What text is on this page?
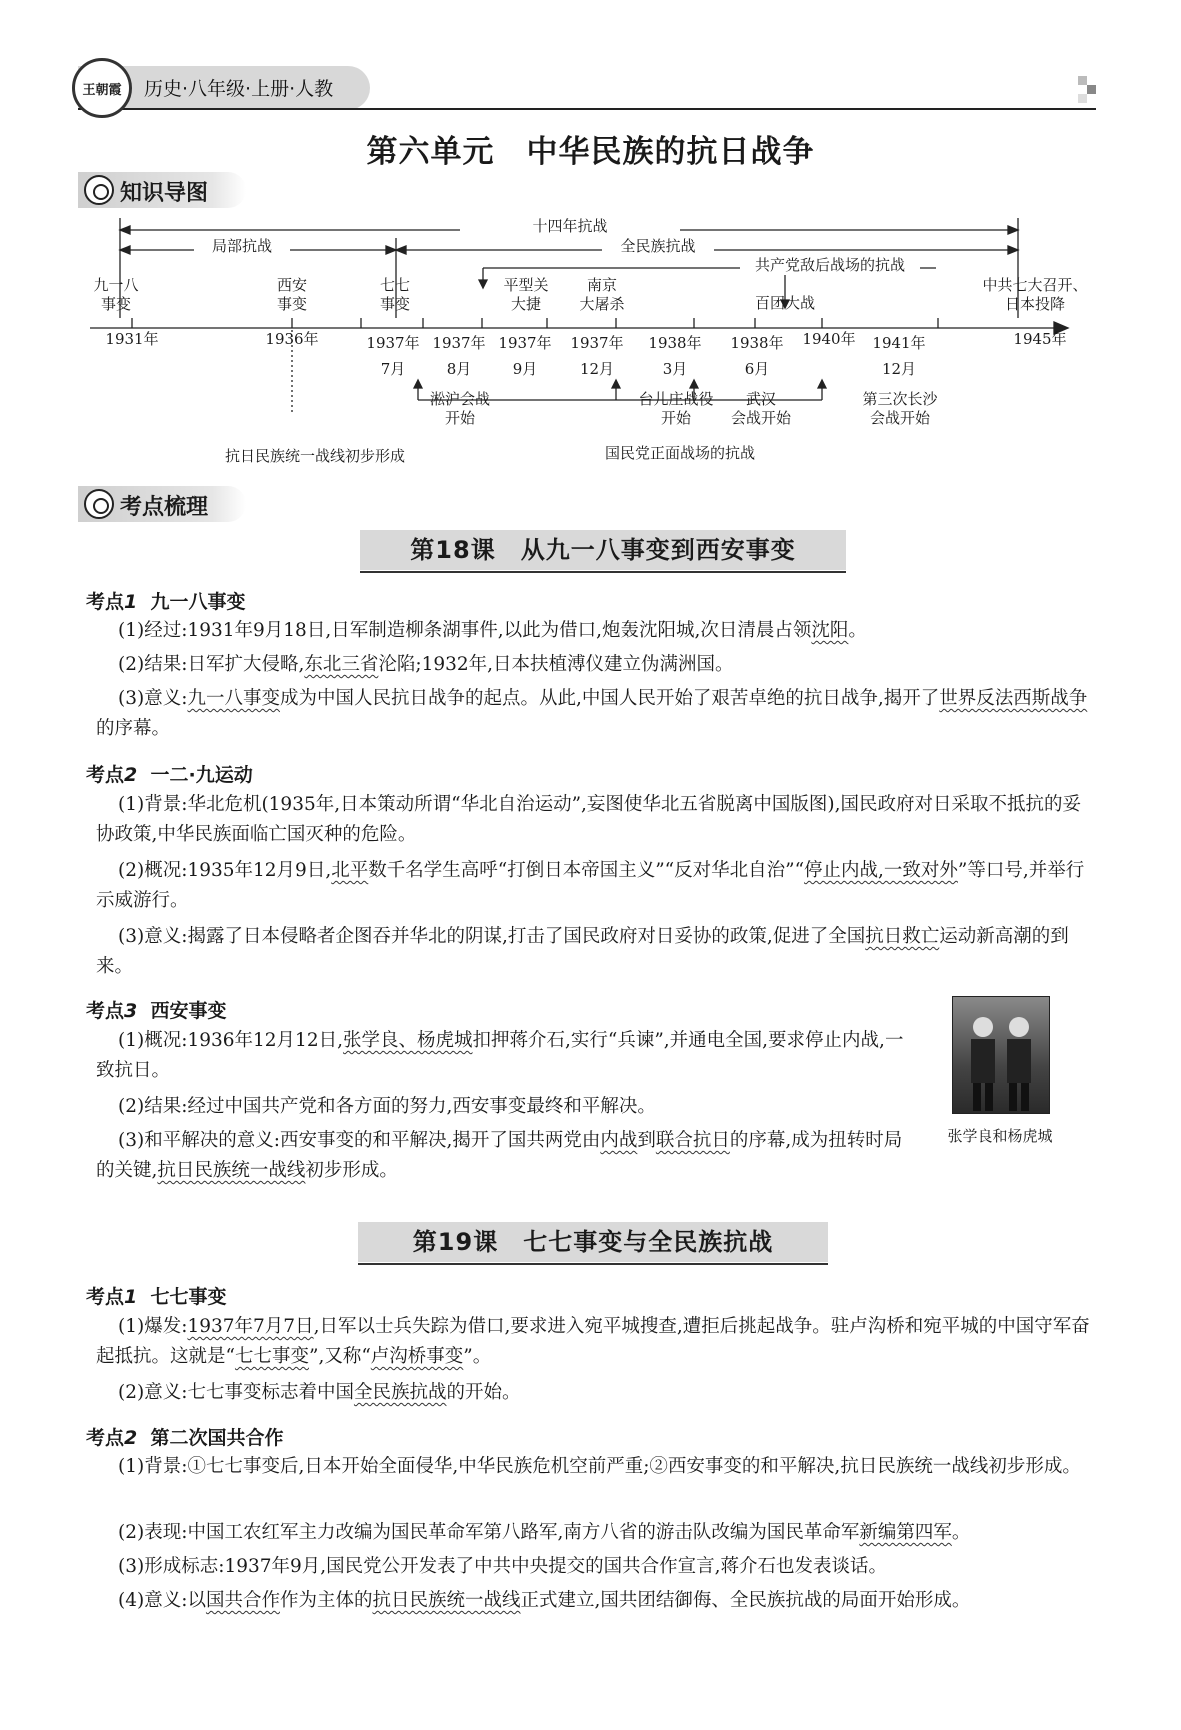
王朝霞 历史·八年级·上册·人教
第六单元　中华民族的抗日战争
知识导图
十四年抗战
局部抗战	全民族抗战
共产党敌后战场的抗战
九一八
事变
西安
事变
七七
事变
平型关
大捷
南京
大屠杀	百团大战
中共七大召开、
日本投降
1931年	1936年	1937年
7月
1937年
8月
1937年
9月
1937年
12月
1938年
3月
1938年
6月
1940年	1941年
12月
1945年
淞沪会战
开始
台儿庄战役
开始
武汉
会战开始
第三次长沙
会战开始
抗日民族统一战线初步形成	国民党正面战场的抗战
考点梳理
第18课　从九一八事变到西安事变
考点1 九一八事变
(1)经过:1931年9月18日,日军制造柳条湖事件,以此为借口,炮轰沈阳城,次日清晨占领沈阳。
(2)结果:日军扩大侵略,东北三省沦陷;1932年,日本扶植溥仪建立伪满洲国。
(3)意义:九一八事变成为中国人民抗日战争的起点。从此,中国人民开始了艰苦卓绝的抗日战争,揭开了世界反法西斯战争的序幕。
考点2 一二·九运动
(1)背景:华北危机(1935年,日本策动所谓“华北自治运动”,妄图使华北五省脱离中国版图),国民政府对日采取不抵抗的妥协政策,中华民族面临亡国灭种的危险。
(2)概况:1935年12月9日,北平数千名学生高呼“打倒日本帝国主义”“反对华北自治”“停止内战,一致对外”等口号,并举行示威游行。
(3)意义:揭露了日本侵略者企图吞并华北的阴谋,打击了国民政府对日妥协的政策,促进了全国抗日救亡运动新高潮的到来。
考点3 西安事变
(1)概况:1936年12月12日,张学良、杨虎城扣押蒋介石,实行“兵谏”,并通电全国,要求停止内战,一致抗日。
(2)结果:经过中国共产党和各方面的努力,西安事变最终和平解决。
(3)和平解决的意义:西安事变的和平解决,揭开了国共两党由内战到联合抗日的序幕,成为扭转时局的关键,抗日民族统一战线初步形成。
张学良和杨虎城
第19课　七七事变与全民族抗战
考点1 七七事变
(1)爆发:1937年7月7日,日军以士兵失踪为借口,要求进入宛平城搜查,遭拒后挑起战争。驻卢沟桥和宛平城的中国守军奋起抵抗。这就是“七七事变”,又称“卢沟桥事变”。
(2)意义:七七事变标志着中国全民族抗战的开始。
考点2 第二次国共合作
(1)背景:①七七事变后,日本开始全面侵华,中华民族危机空前严重;②西安事变的和平解决,抗日民族统一战线初步形成。
(2)表现:中国工农红军主力改编为国民革命军第八路军,南方八省的游击队改编为国民革命军新编第四军。
(3)形成标志:1937年9月,国民党公开发表了中共中央提交的国共合作宣言,蒋介石也发表谈话。
(4)意义:以国共合作作为主体的抗日民族统一战线正式建立,国共团结御侮、全民族抗战的局面开始形成。
